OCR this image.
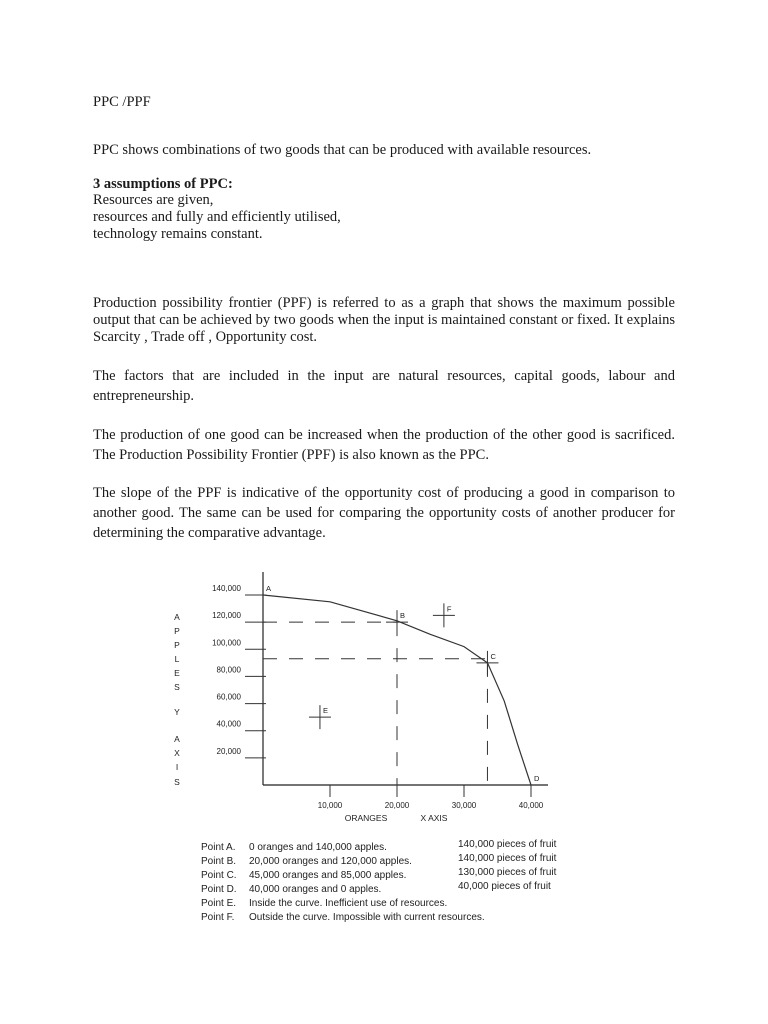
PPC /PPF
PPC shows combinations of two goods that can be produced with available resources.
3 assumptions of PPC:
Resources are given,
resources and fully and efficiently utilised,
technology remains constant.
Production possibility frontier (PPF) is referred to as a graph that shows the maximum possible output that can be achieved by two goods when the input is maintained constant or fixed. It explains Scarcity , Trade off , Opportunity cost.
The factors that are included in the input are natural resources, capital goods, labour and entrepreneurship.
The production of one good can be increased when the production of the other good is sacrificed. The Production Possibility Frontier (PPF) is also known as the PPC.
The slope of the PPF is indicative of the opportunity cost of producing a good in comparison to another good. The same can be used for comparing the opportunity costs of another producer for determining the comparative advantage.
A
B
C
D
E
F
20,000
40,000
60,000
80,000
100,000
120,000
140,000
10,000	20,000	30,000	40,000
ORANGES	X AXIS
A
P
P
L
E
S
Y
A
X
I
S
Point A. 0 oranges and 140,000 apples.	140,000 pieces of fruit
Point B. 20,000 oranges and 120,000 apples.	140,000 pieces of fruit
Point C. 45,000 oranges and 85,000 apples.	130,000 pieces of fruit
Point D. 40,000 oranges and 0 apples.	40,000 pieces of fruit
Point E. Inside the curve. Inefficient use of resources.
Point F. Outside the curve. Impossible with current resources.
